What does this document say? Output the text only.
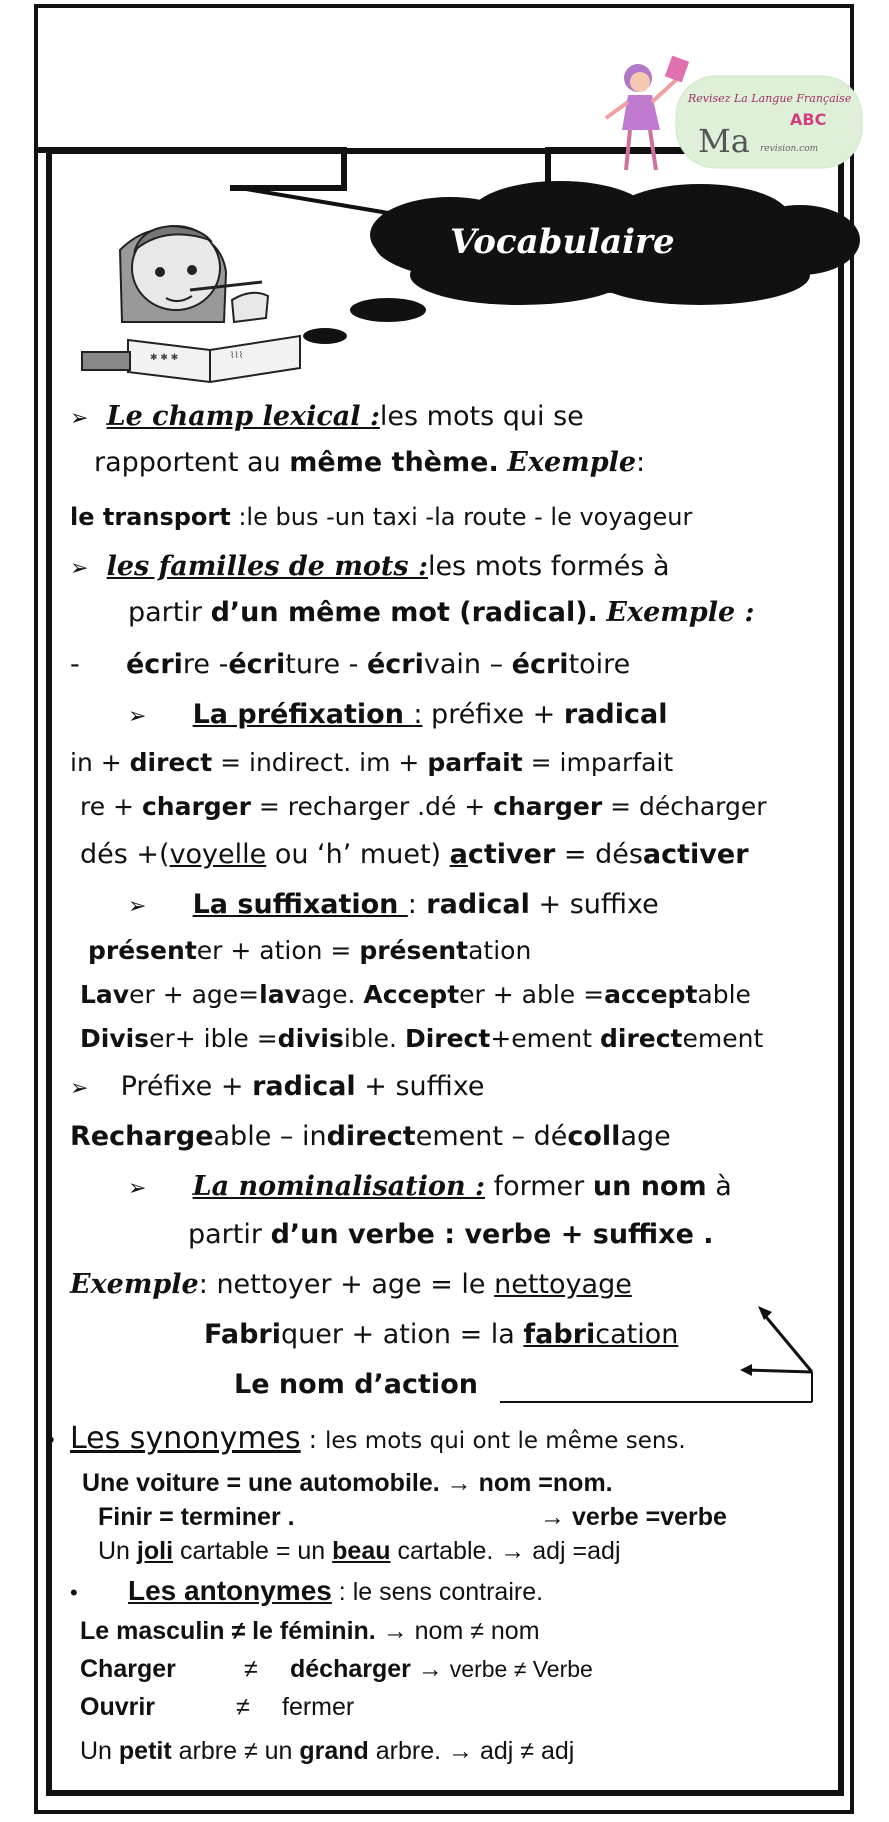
Revisez La Langue Française
ABC
Ma revision.com
Vocabulaire
✱ ✱ ✱	⌇⌇⌇
➢ Le champ lexical :les mots qui se
rapportent au même thème. Exemple:
le transport :le bus -un taxi -la route - le voyageur
➢ les familles de mots :les mots formés à
partir d’un même mot (radical). Exemple :
- écrire -écriture - écrivain – écritoire
➢ La préfixation : préfixe + radical
in + direct = indirect. im + parfait = imparfait
re + charger = recharger .dé + charger = décharger
dés +(voyelle ou ‘h’ muet) activer = désactiver
➢ La suffixation : radical + suffixe
présenter + ation = présentation
Laver + age=lavage. Accepter + able =acceptable
Diviser+ ible =divisible. Direct+ement directement
➢ Préfixe + radical + suffixe
Rechargeable – indirectement – décollage
➢ La nominalisation : former un nom à
partir d’un verbe : verbe + suffixe .
Exemple: nettoyer + age = le nettoyage
Fabriquer + ation = la fabrication
Le nom d’action
• Les synonymes : les mots qui ont le même sens.
Une voiture = une automobile. → nom =nom.
Finir = terminer .	→ verbe =verbe
Un joli cartable = un beau cartable. → adj =adj
• Les antonymes : le sens contraire.
Le masculin ≠ le féminin. → nom ≠ nom
Charger	≠ décharger → verbe ≠ Verbe
Ouvrir	≠ fermer
Un petit arbre ≠ un grand arbre. → adj ≠ adj
